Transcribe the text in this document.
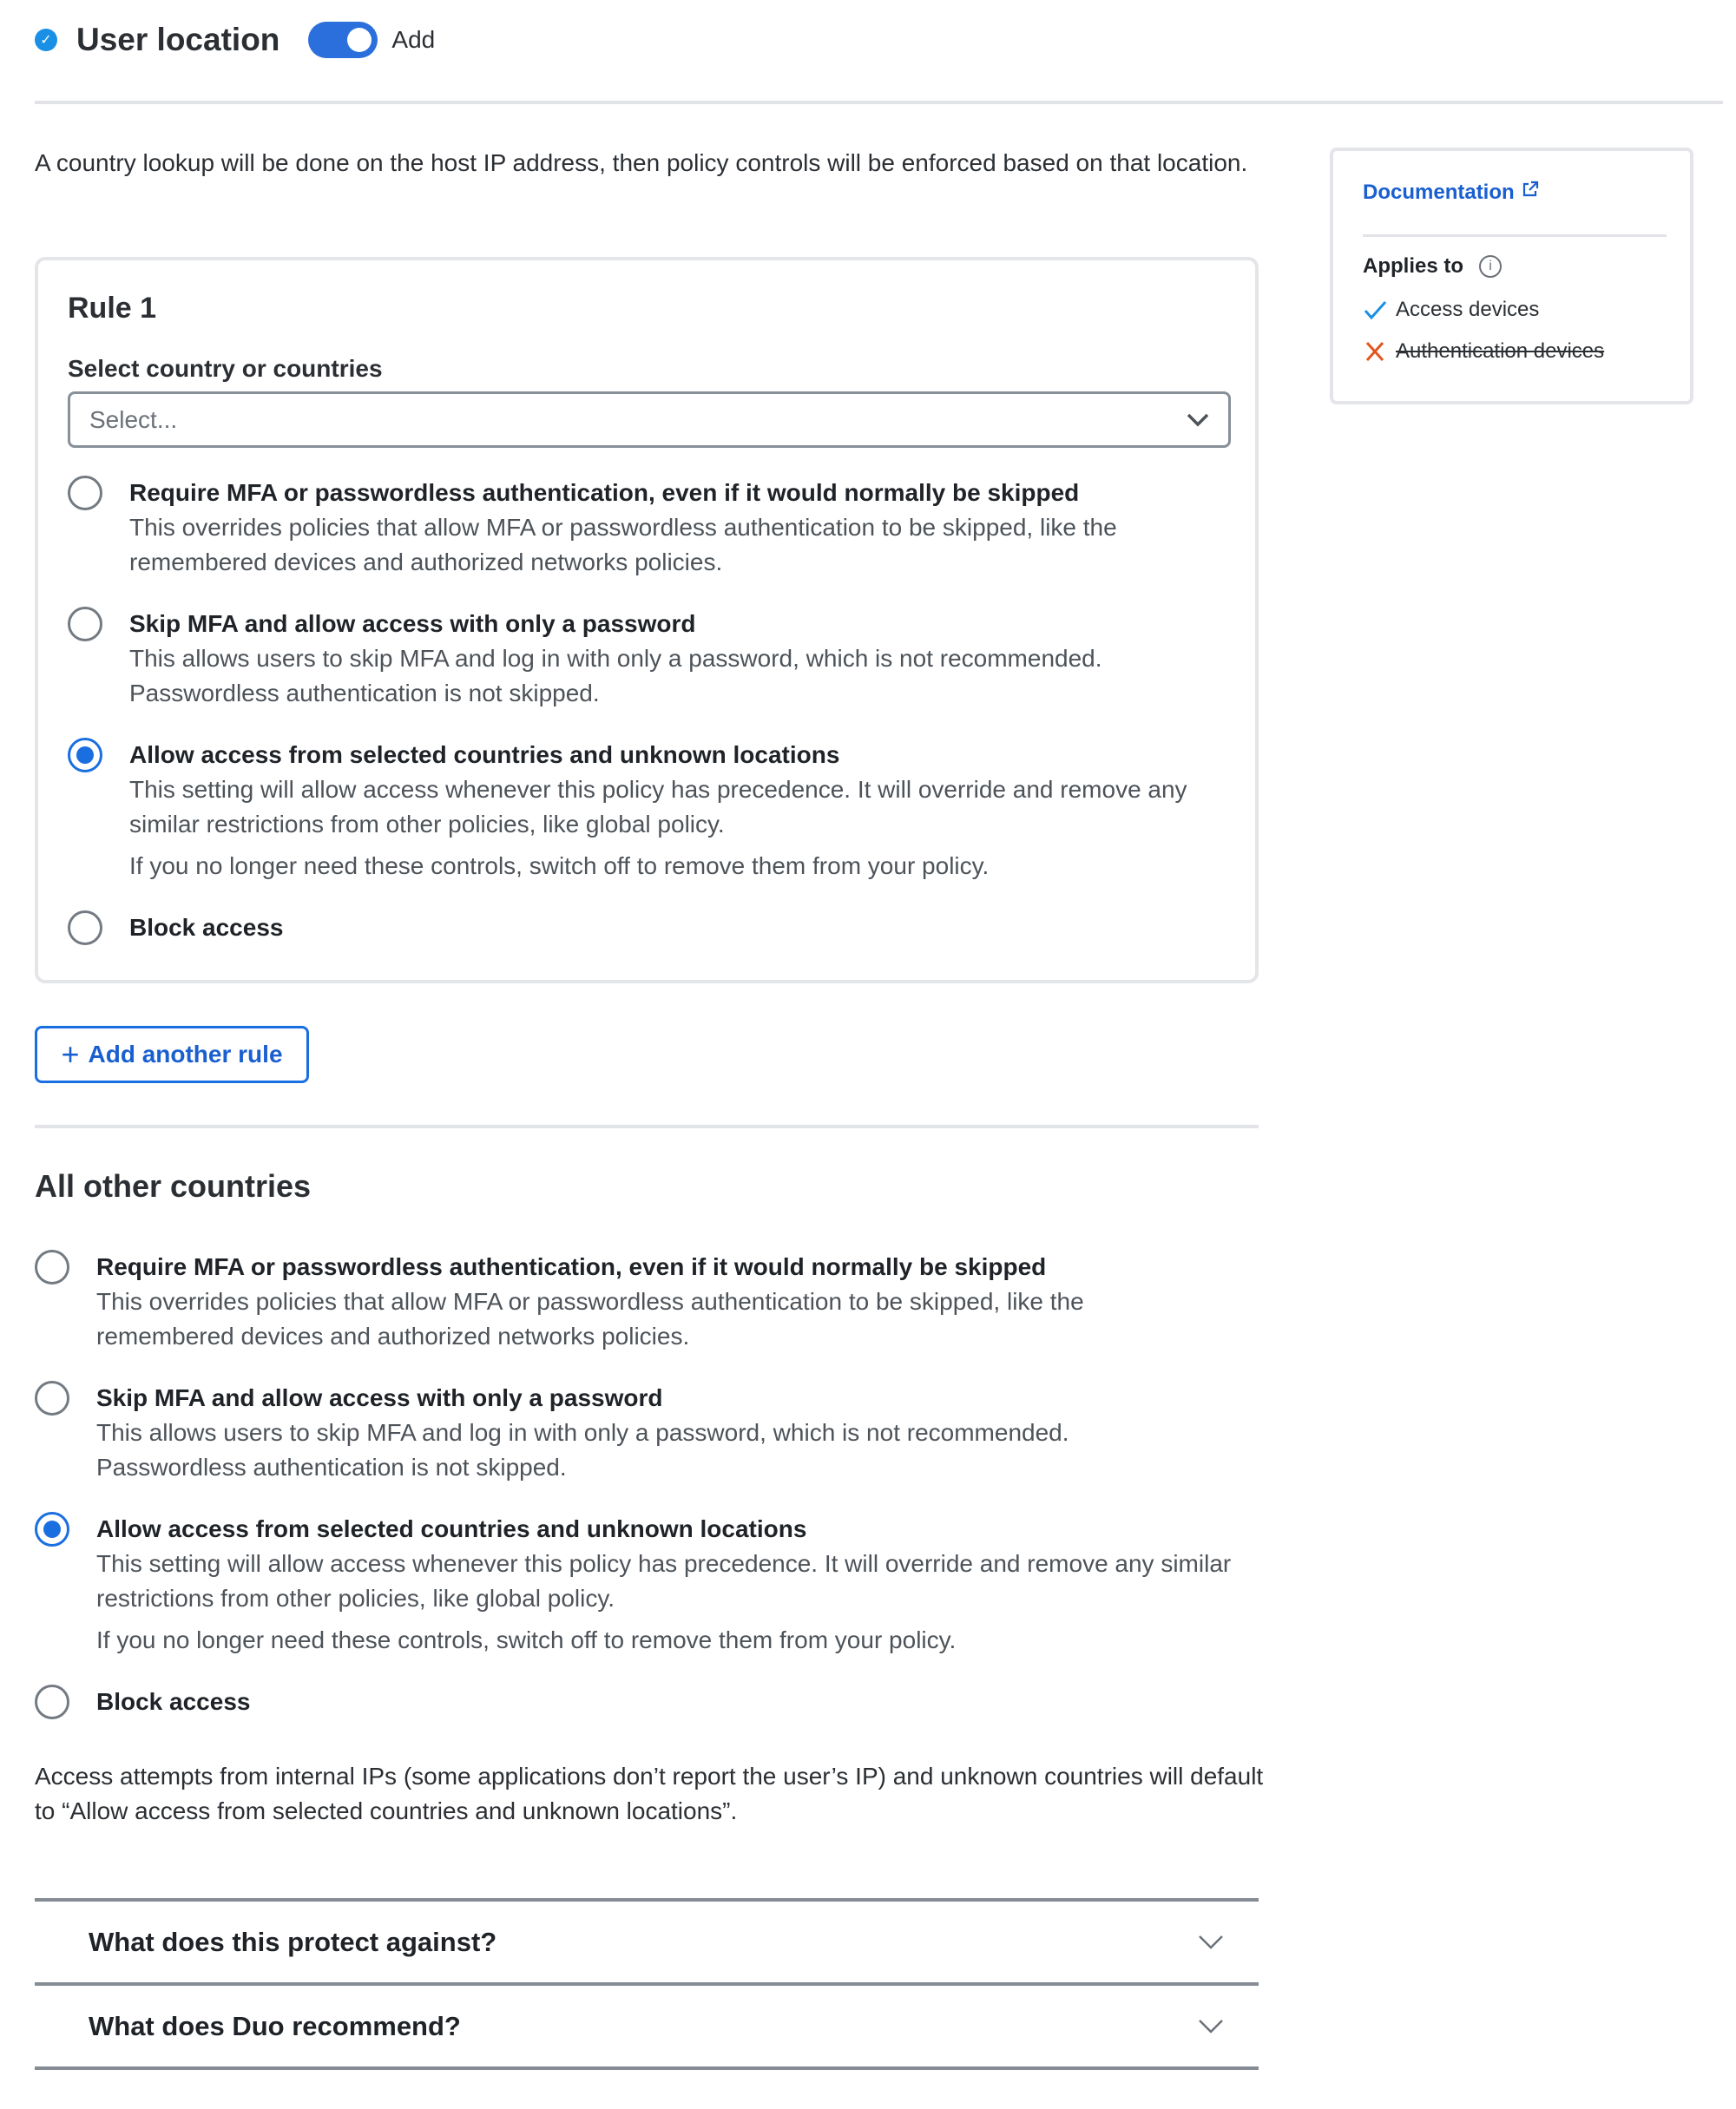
✓ User location	Add

A country lookup will be done on the host IP address, then policy controls will be enforced based on that location.

Rule 1
Select country or countries
Select...
Require MFA or passwordless authentication, even if it would normally be skipped
This overrides policies that allow MFA or passwordless authentication to be skipped, like the remembered devices and authorized networks policies.
Skip MFA and allow access with only a password
This allows users to skip MFA and log in with only a password, which is not recommended. Passwordless authentication is not skipped.
Allow access from selected countries and unknown locations
This setting will allow access whenever this policy has precedence. It will override and remove any similar restrictions from other policies, like global policy.
If you no longer need these controls, switch off to remove them from your policy.
Block access
+ Add another rule
All other countries
Require MFA or passwordless authentication, even if it would normally be skipped
This overrides policies that allow MFA or passwordless authentication to be skipped, like the remembered devices and authorized networks policies.
Skip MFA and allow access with only a password
This allows users to skip MFA and log in with only a password, which is not recommended. Passwordless authentication is not skipped.
Allow access from selected countries and unknown locations
This setting will allow access whenever this policy has precedence. It will override and remove any similar restrictions from other policies, like global policy.
If you no longer need these controls, switch off to remove them from your policy.
Block access

Access attempts from internal IPs (some applications don’t report the user’s IP) and unknown countries will default to “Allow access from selected countries and unknown locations”.

What does this protect against?
What does Duo recommend?
Documentation
Applies to	i
Access devices
Authentication devices
